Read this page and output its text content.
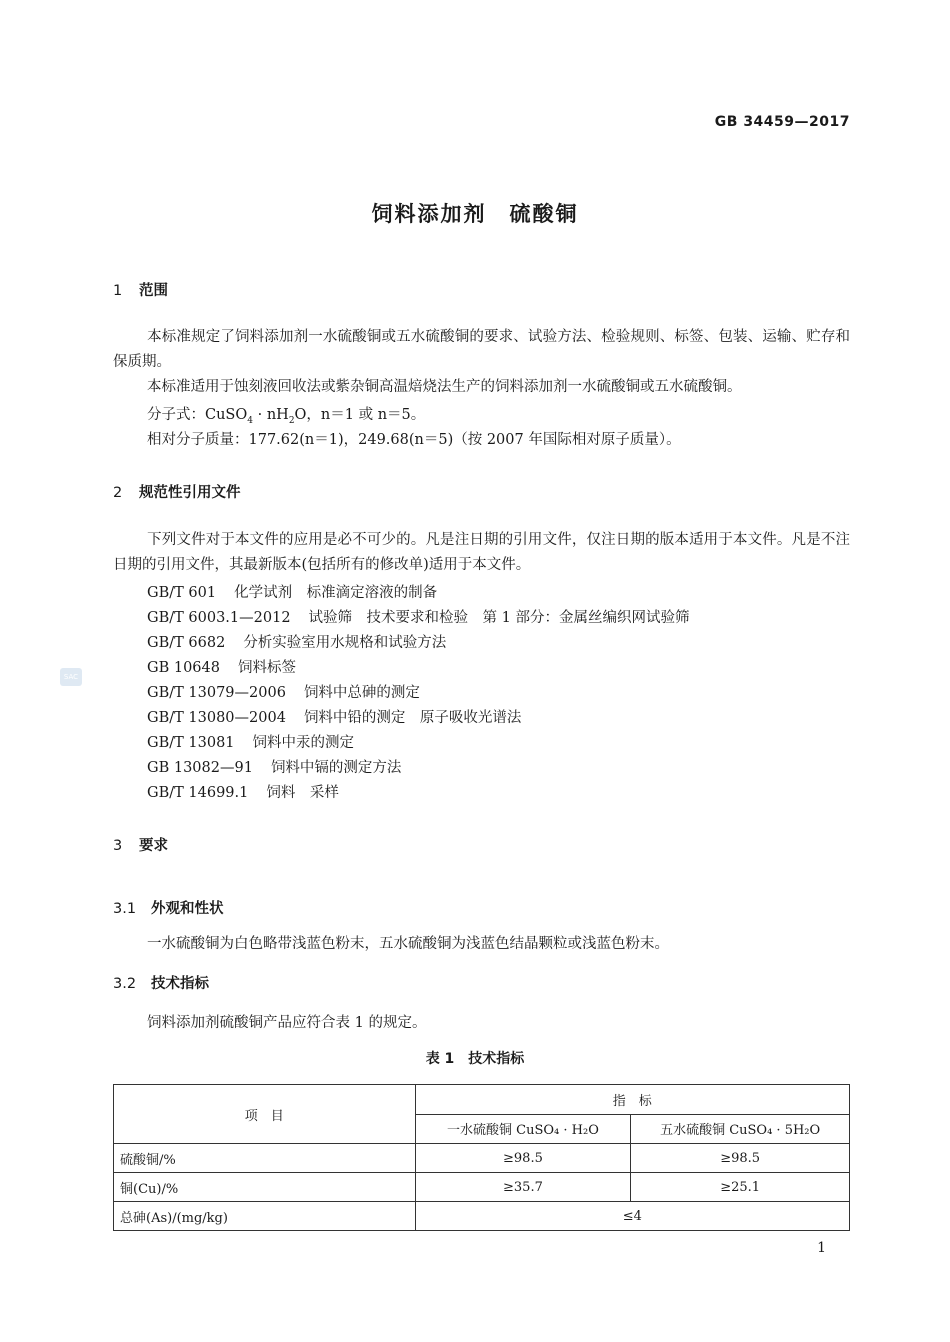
GB 34459—2017
饲料添加剂　硫酸铜
1 范围
本标准规定了饲料添加剂一水硫酸铜或五水硫酸铜的要求、试验方法、检验规则、标签、包装、运输、贮存和保质期。
本标准适用于蚀刻液回收法或紫杂铜高温焙烧法生产的饲料添加剂一水硫酸铜或五水硫酸铜。
分子式：CuSO$_4$ · $nH_2O$，n＝1 或 n＝5。
相对分子质量：177.62(n＝1)，249.68(n＝5)（按 2007 年国际相对原子质量）。
2 规范性引用文件
下列文件对于本文件的应用是必不可少的。凡是注日期的引用文件，仅注日期的版本适用于本文件。凡是不注日期的引用文件，其最新版本(包括所有的修改单)适用于本文件。
GB/T 601 化学试剂　标准滴定溶液的制备
GB/T 6003.1—2012 试验筛　技术要求和检验　第 1 部分：金属丝编织网试验筛
GB/T 6682 分析实验室用水规格和试验方法
GB 10648 饲料标签
GB/T 13079—2006 饲料中总砷的测定
GB/T 13080—2004 饲料中铅的测定　原子吸收光谱法
GB/T 13081 饲料中汞的测定
GB 13082—91 饲料中镉的测定方法
GB/T 14699.1 饲料　采样
3 要求
3.1 外观和性状
一水硫酸铜为白色略带浅蓝色粉末，五水硫酸铜为浅蓝色结晶颗粒或浅蓝色粉末。
3.2 技术指标
饲料添加剂硫酸铜产品应符合表 1 的规定。
表 1　技术指标
项　目	指　标	
	一水硫酸铜 CuSO₄ · H₂O	五水硫酸铜 CuSO₄ · 5H₂O
硫酸铜/%	≥98.5	≥98.5
铜(Cu)/%	≥35.7	≥25.1
总砷(As)/(mg/kg)	≤4	
1
SAC
